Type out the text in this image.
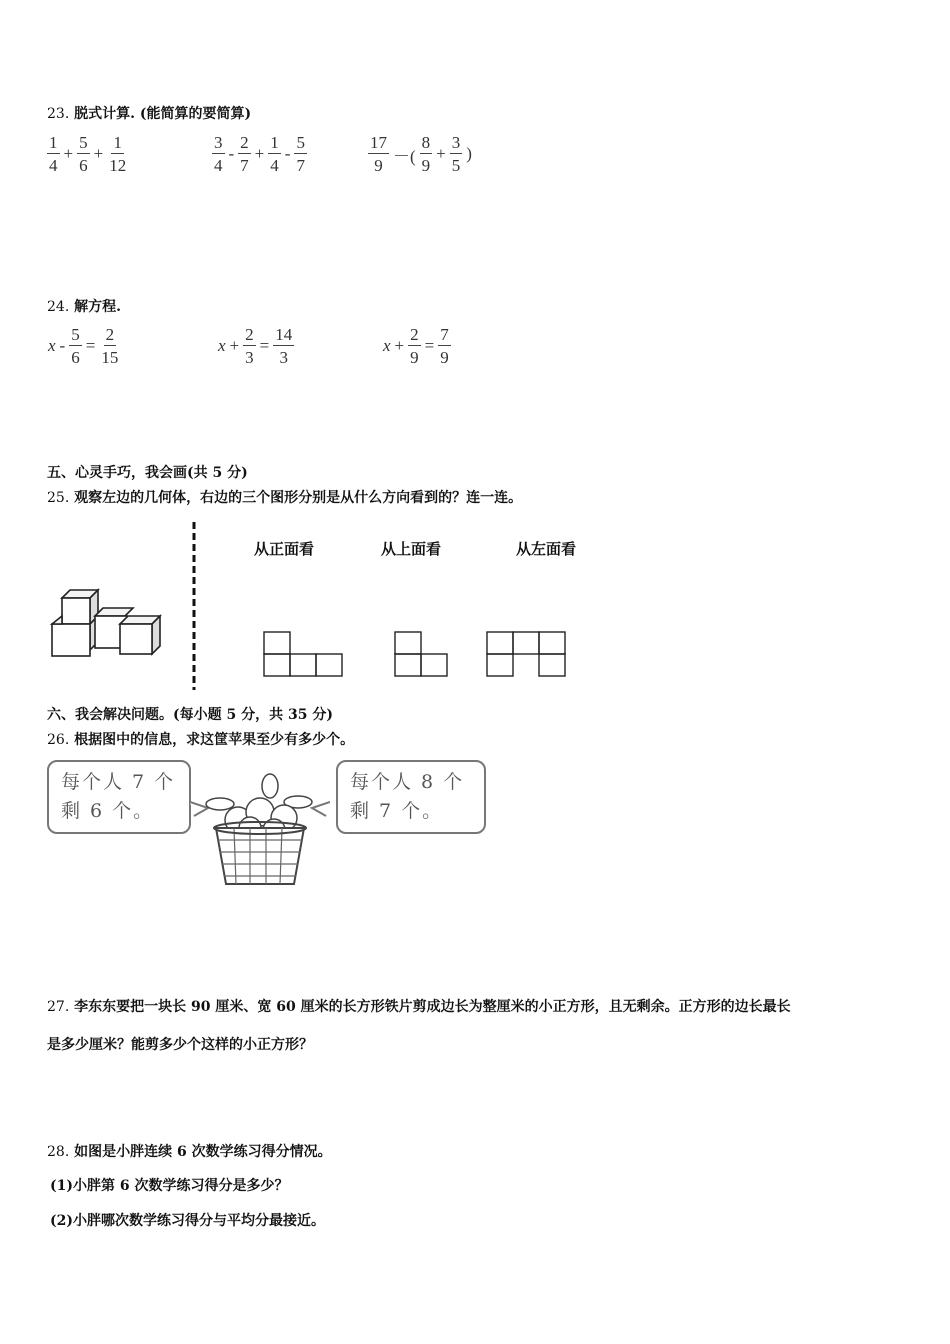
23. 脱式计算. (能简算的要简算)
$\frac{1}{4} + \frac{5}{6} + \frac{1}{12}$	$\frac{3}{4} - \frac{2}{7} + \frac{1}{4} - \frac{5}{7}$	$\frac{17}{9}$ －( $\frac{8}{9} + \frac{3}{5}$ )
24. 解方程.
$x - \frac{5}{6} = \frac{2}{15}$	$x + \frac{2}{3} = \frac{14}{3}$	$x + \frac{2}{9} = \frac{7}{9}$
五、心灵手巧，我会画(共 5 分)
25. 观察左边的几何体，右边的三个图形分别是从什么方向看到的？连一连。
从正面看	从上面看	从左面看
六、我会解决问题。(每小题 5 分，共 35 分)
26. 根据图中的信息，求这筐苹果至少有多少个。
每个人 7 个
剩 6 个。
每个人 8 个
剩 7 个。
27. 李东东要把一块长 90 厘米、宽 60 厘米的长方形铁片剪成边长为整厘米的小正方形，且无剩余。正方形的边长最长
是多少厘米？能剪多少个这样的小正方形？
28. 如图是小胖连续 6 次数学练习得分情况。
(1)小胖第 6 次数学练习得分是多少？
(2)小胖哪次数学练习得分与平均分最接近。
